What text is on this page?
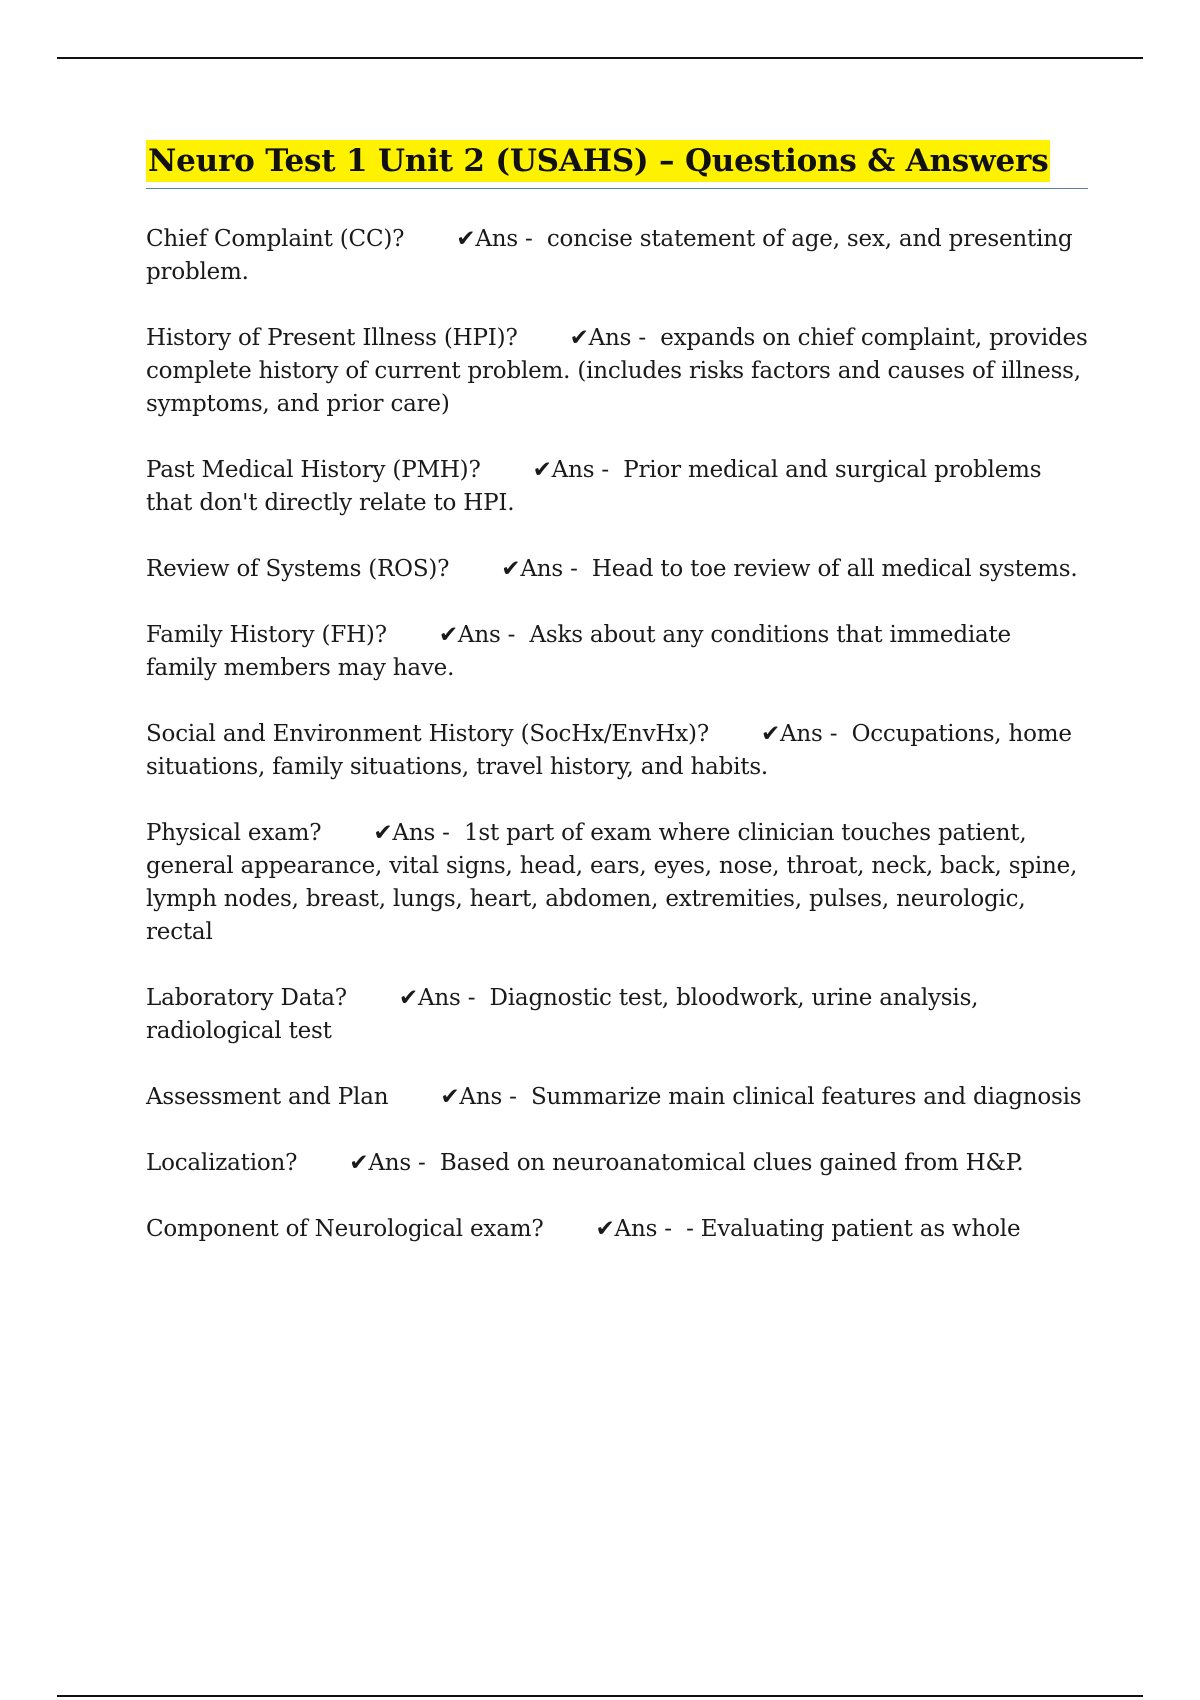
Neuro Test 1 Unit 2 (USAHS) – Questions & Answers
Chief Complaint (CC)? ✔Ans - concise statement of age, sex, and presenting problem.
History of Present Illness (HPI)? ✔Ans - expands on chief complaint, provides complete history of current problem. (includes risks factors and causes of illness, symptoms, and prior care)
Past Medical History (PMH)? ✔Ans - Prior medical and surgical problems that don't directly relate to HPI.
Review of Systems (ROS)? ✔Ans - Head to toe review of all medical systems.
Family History (FH)? ✔Ans - Asks about any conditions that immediate family members may have.
Social and Environment History (SocHx/EnvHx)? ✔Ans - Occupations, home situations, family situations, travel history, and habits.
Physical exam? ✔Ans - 1st part of exam where clinician touches patient, general appearance, vital signs, head, ears, eyes, nose, throat, neck, back, spine, lymph nodes, breast, lungs, heart, abdomen, extremities, pulses, neurologic, rectal
Laboratory Data? ✔Ans - Diagnostic test, bloodwork, urine analysis, radiological test
Assessment and Plan ✔Ans - Summarize main clinical features and diagnosis
Localization? ✔Ans - Based on neuroanatomical clues gained from H&P.
Component of Neurological exam? ✔Ans - - Evaluating patient as whole
